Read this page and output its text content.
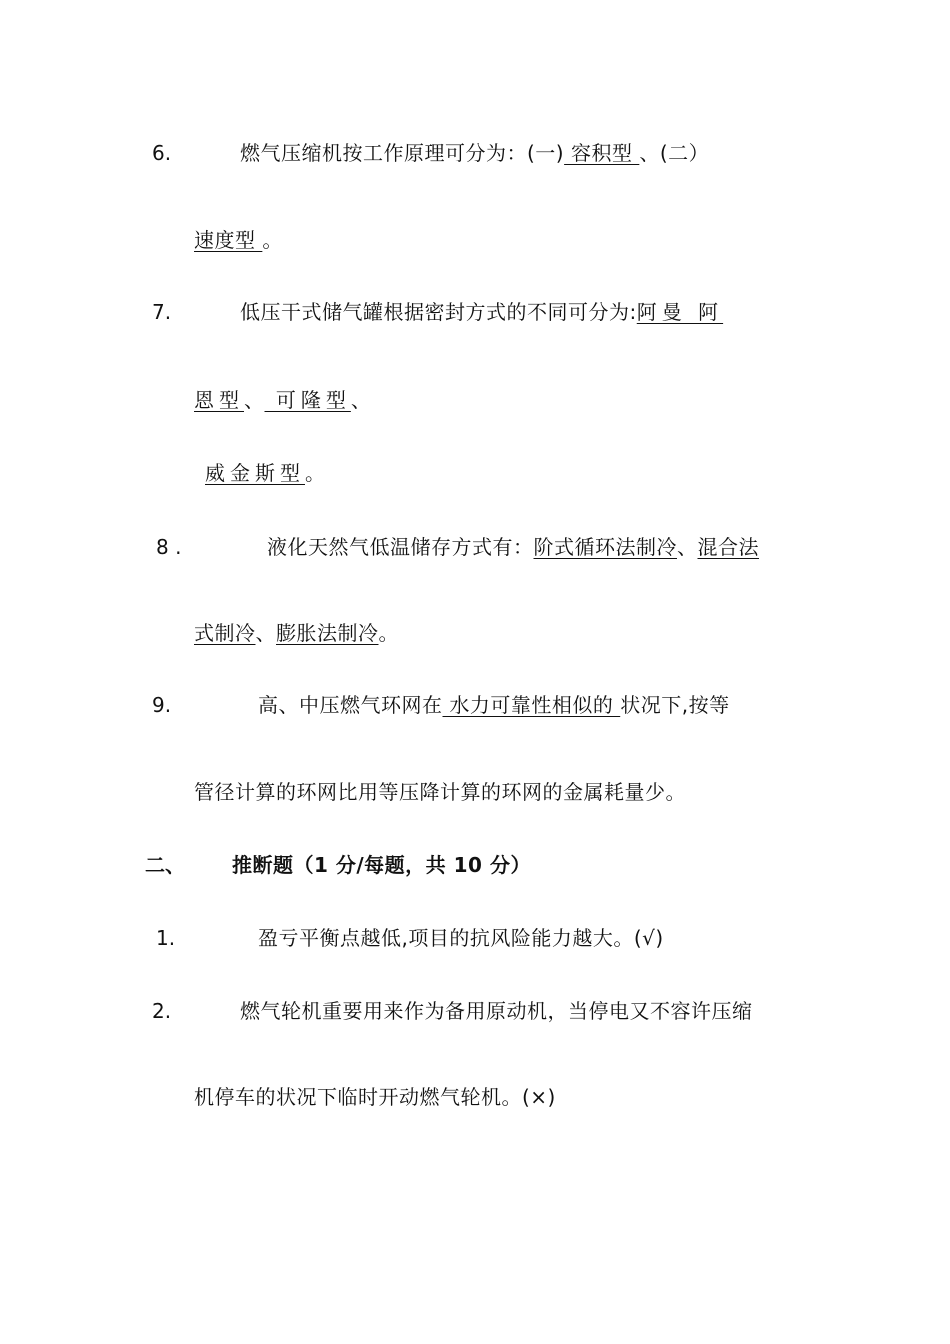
6.	燃气压缩机按工作原理可分为：(一) 容积型 、(二）
速度型 。
7.	低压干式储气罐根据密封方式的不同可分为:阿曼 阿
恩型、 可隆型、
威金斯型。
8 .	液化天然气低温储存方式有：阶式循环法制冷、混合法
式制冷、膨胀法制冷。
9.	高、中压燃气环网在 水力可靠性相似的 状况下,按等
管径计算的环网比用等压降计算的环网的金属耗量少。
二、 推断题（1 分/每题，共 10 分）
1.	盈亏平衡点越低,项目的抗风险能力越大。(√)
2.	燃气轮机重要用来作为备用原动机，当停电又不容许压缩
机停车的状况下临时开动燃气轮机。(×)
